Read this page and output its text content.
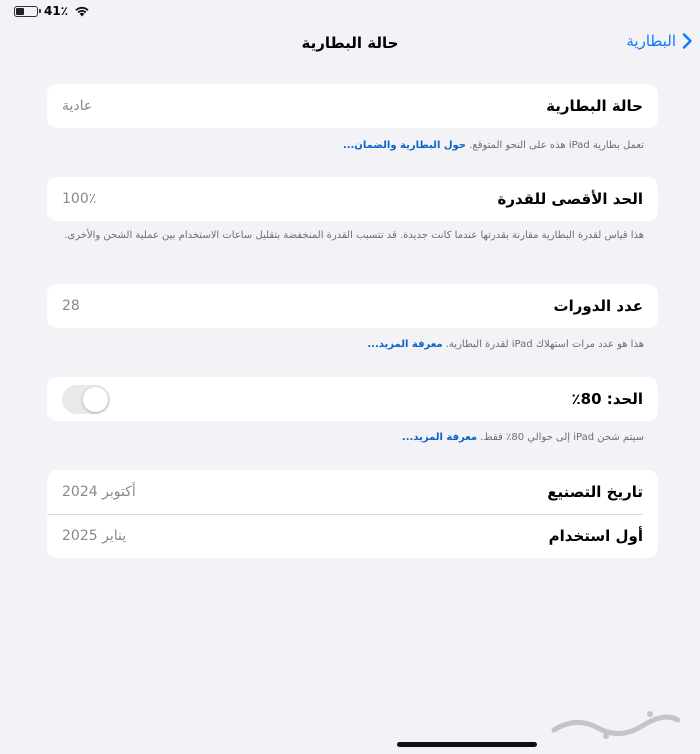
41٪
حالة البطارية	البطارية
حالة البطارية
عادية
تعمل بطارية iPad هذه على النحو المتوقع. حول البطارية والضمان...
الحد الأقصى للقدرة
100٪
هذا قياس لقدرة البطارية مقارنة بقدرتها عندما كانت جديدة. قد تتسبب القدرة المنخفضة بتقليل ساعات الاستخدام بين عملية الشحن والأخرى.
عدد الدورات
28
هذا هو عدد مرات استهلاك iPad لقدرة البطارية. معرفة المزيد...
الحد: 80٪
سيتم شحن iPad إلى حوالي 80٪ فقط. معرفة المزيد...
تاريخ التصنيع
أكتوبر 2024
أول استخدام
يناير 2025
